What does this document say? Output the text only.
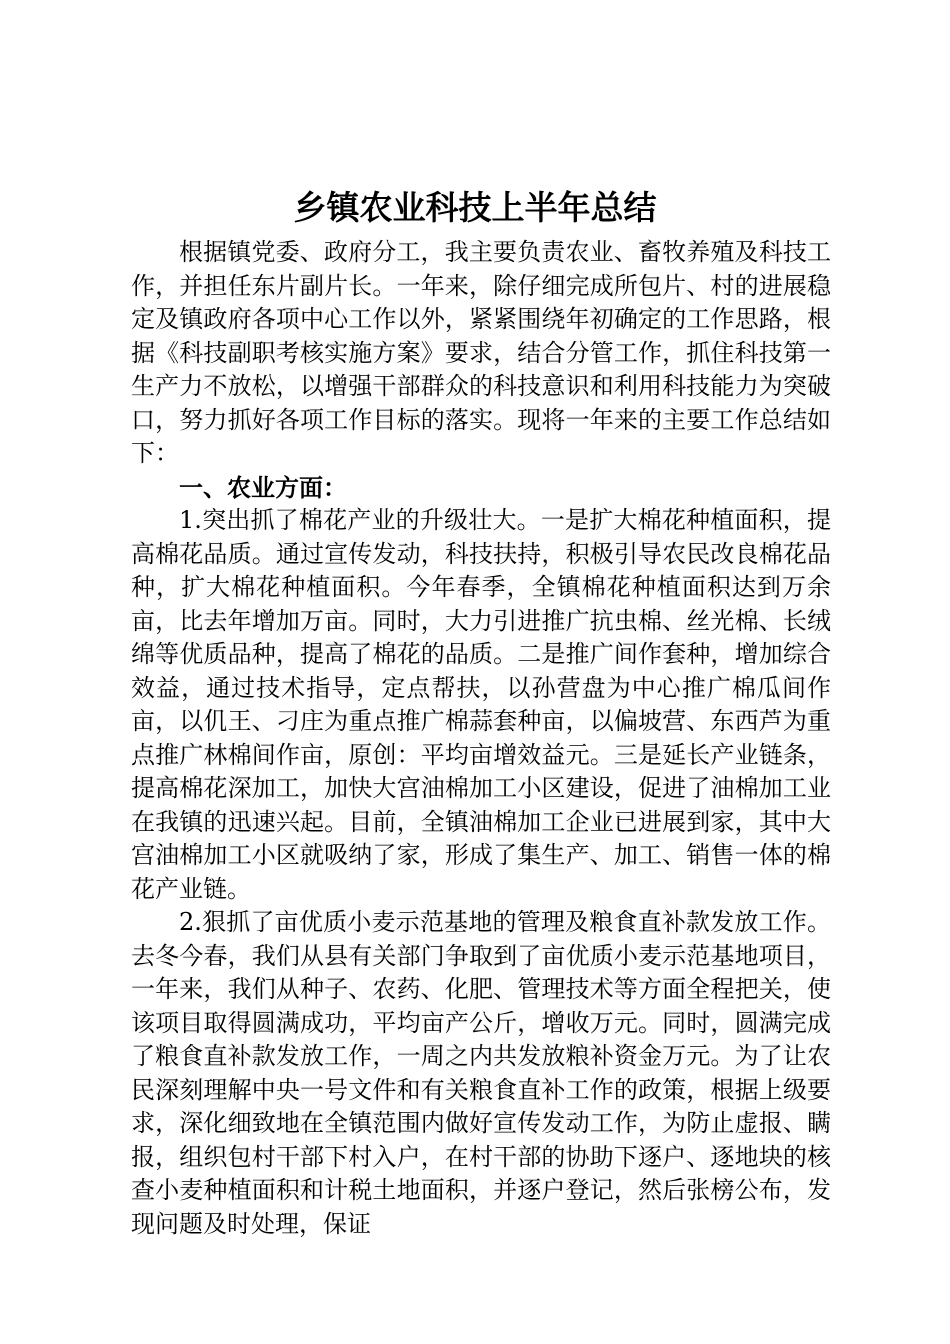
乡镇农业科技上半年总结

根据镇党委、政府分工，我主要负责农业、畜牧养殖及科技工作，并担任东片副片长。一年来，除仔细完成所包片、村的进展稳定及镇政府各项中心工作以外，紧紧围绕年初确定的工作思路，根据《科技副职考核实施方案》要求，结合分管工作，抓住科技第一生产力不放松，以增强干部群众的科技意识和利用科技能力为突破口，努力抓好各项工作目标的落实。现将一年来的主要工作总结如下：

一、农业方面：

1.突出抓了棉花产业的升级壮大。一是扩大棉花种植面积，提高棉花品质。通过宣传发动，科技扶持，积极引导农民改良棉花品种，扩大棉花种植面积。今年春季，全镇棉花种植面积达到万余亩，比去年增加万亩。同时，大力引进推广抗虫棉、丝光棉、长绒绵等优质品种，提高了棉花的品质。二是推广间作套种，增加综合效益，通过技术指导，定点帮扶，以孙营盘为中心推广棉瓜间作亩，以仉王、刁庄为重点推广棉蒜套种亩，以偏坡营、东西芦为重点推广林棉间作亩，原创：平均亩增效益元。三是延长产业链条，提高棉花深加工，加快大宫油棉加工小区建设，促进了油棉加工业在我镇的迅速兴起。目前，全镇油棉加工企业已进展到家，其中大宫油棉加工小区就吸纳了家，形成了集生产、加工、销售一体的棉花产业链。

2.狠抓了亩优质小麦示范基地的管理及粮食直补款发放工作。去冬今春，我们从县有关部门争取到了亩优质小麦示范基地项目，一年来，我们从种子、农药、化肥、管理技术等方面全程把关，使该项目取得圆满成功，平均亩产公斤，增收万元。同时，圆满完成了粮食直补款发放工作，一周之内共发放粮补资金万元。为了让农民深刻理解中央一号文件和有关粮食直补工作的政策，根据上级要求，深化细致地在全镇范围内做好宣传发动工作，为防止虚报、瞒报，组织包村干部下村入户，在村干部的协助下逐户、逐地块的核查小麦种植面积和计税土地面积，并逐户登记，然后张榜公布，发现问题及时处理，保证
